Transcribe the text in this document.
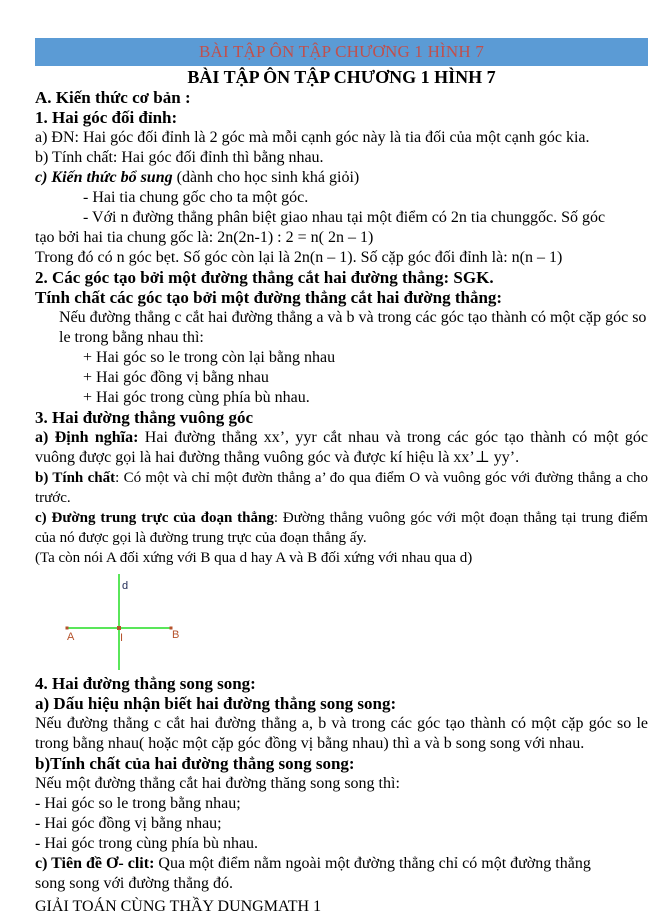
BÀI TẬP ÔN TẬP CHƯƠNG 1 HÌNH 7
BÀI TẬP ÔN TẬP CHƯƠNG 1 HÌNH 7
A. Kiến thức cơ bản :
1. Hai góc đối đỉnh:
a) ĐN: Hai góc đối đỉnh là 2 góc mà mỗi cạnh góc này là tia đối của một cạnh góc kia.
b) Tính chất: Hai góc đối đỉnh thì bằng nhau.
c) Kiến thức bổ sung (dành cho học sinh khá giỏi)
- Hai tia chung gốc cho ta một góc.
- Với n đường thẳng phân biệt giao nhau tại một điểm có 2n tia chunggốc. Số góc
tạo bởi hai tia chung gốc là: 2n(2n-1) : 2 = n( 2n – 1)
Trong đó có n góc bẹt. Số góc còn lại là 2n(n – 1). Số cặp góc đối đỉnh là: n(n – 1)
2. Các góc tạo bởi một đường thẳng cắt hai đường thẳng: SGK.
Tính chất các góc tạo bởi một đường thẳng cắt hai đường thẳng:
Nếu đường thẳng c cắt hai đường thẳng a và b và trong các góc tạo thành có một cặp góc so le trong bằng nhau thì:
+ Hai góc so le trong còn lại bằng nhau
+ Hai góc đồng vị bằng nhau
+ Hai góc trong cùng phía bù nhau.
3. Hai đường thẳng vuông góc
a) Định nghĩa: Hai đường thẳng xx’, yyr cắt nhau và trong các góc tạo thành có một góc vuông được gọi là hai đường thẳng vuông góc và được kí hiệu là xx’⊥ yy’.
b) Tính chất: Có một và chỉ một đườn thẳng a’ đo qua điểm O và vuông góc với đường thẳng a cho trước.
c) Đường trung trực của đoạn thẳng: Đường thẳng vuông góc với một đoạn thẳng tại trung điểm của nó được gọi là đường trung trực của đoạn thẳng ấy.
(Ta còn nói A đối xứng với B qua d hay A và B đối xứng với nhau qua d)
d
A	I	B
4. Hai đường thẳng song song:
a) Dấu hiệu nhận biết hai đường thẳng song song:
Nếu đường thẳng c cắt hai đường thẳng a, b và trong các góc tạo thành có một cặp góc so le trong bằng nhau( hoặc một cặp góc đồng vị bằng nhau) thì a và b song song với nhau.
b)Tính chất của hai đường thẳng song song:
Nếu một đường thẳng cắt hai đường thăng song song thì:
- Hai góc so le trong bằng nhau;
- Hai góc đồng vị bằng nhau;
- Hai góc trong cùng phía bù nhau.
c) Tiên đề Ơ- clit: Qua một điểm nằm ngoài một đường thẳng chỉ có một đường thẳng song song với đường thẳng đó.
GIẢI TOÁN CÙNG THẦY DUNGMATH 1
